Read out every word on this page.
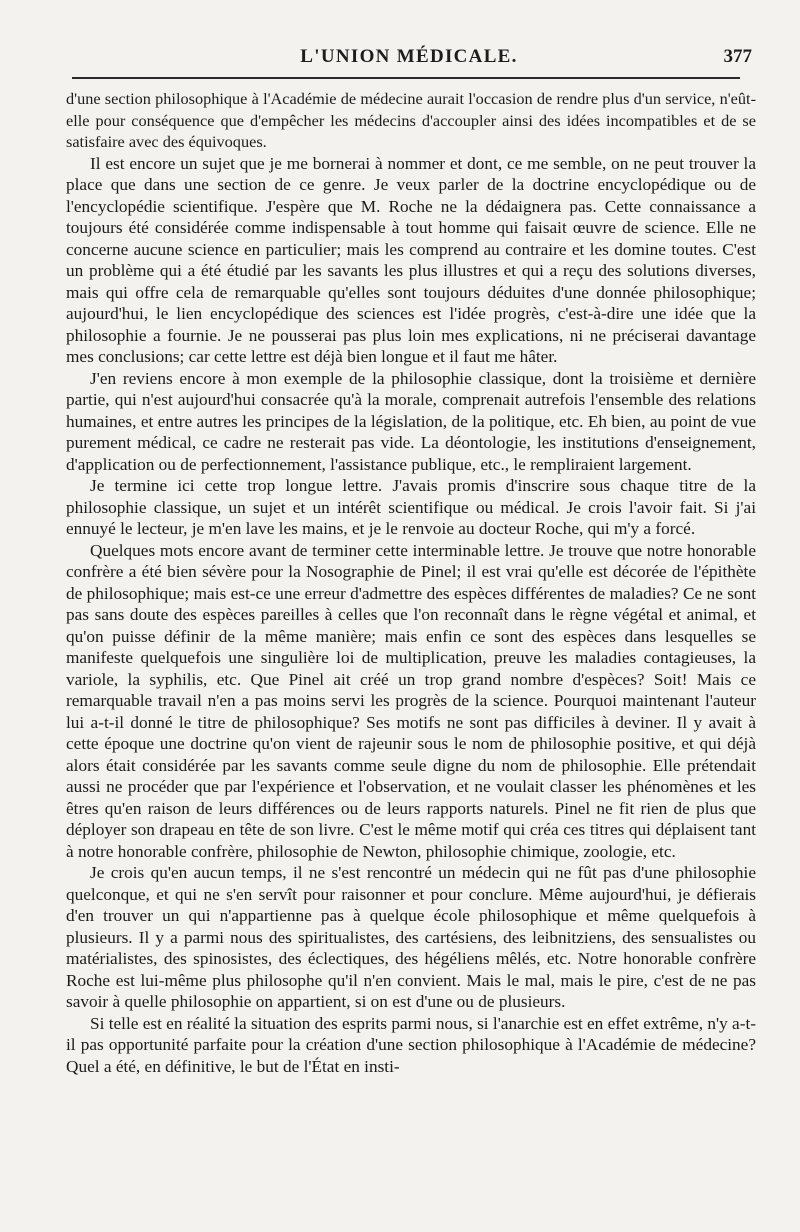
L'UNION MÉDICALE.	377

d'une section philosophique à l'Académie de médecine aurait l'occasion de rendre plus d'un service, n'eût-elle pour conséquence que d'empêcher les médecins d'accoupler ainsi des idées incompatibles et de se satisfaire avec des équivoques.

Il est encore un sujet que je me bornerai à nommer et dont, ce me semble, on ne peut trouver la place que dans une section de ce genre. Je veux parler de la doctrine encyclopédique ou de l'encyclopédie scientifique. J'espère que M. Roche ne la dédaignera pas. Cette connaissance a toujours été considérée comme indispensable à tout homme qui faisait œuvre de science. Elle ne concerne aucune science en particulier; mais les comprend au contraire et les domine toutes. C'est un problème qui a été étudié par les savants les plus illustres et qui a reçu des solutions diverses, mais qui offre cela de remarquable qu'elles sont toujours déduites d'une donnée philosophique; aujourd'hui, le lien encyclopédique des sciences est l'idée progrès, c'est-à-dire une idée que la philosophie a fournie. Je ne pousserai pas plus loin mes explications, ni ne préciserai davantage mes conclusions; car cette lettre est déjà bien longue et il faut me hâter.

J'en reviens encore à mon exemple de la philosophie classique, dont la troisième et dernière partie, qui n'est aujourd'hui consacrée qu'à la morale, comprenait autrefois l'ensemble des relations humaines, et entre autres les principes de la législation, de la politique, etc. Eh bien, au point de vue purement médical, ce cadre ne resterait pas vide. La déontologie, les institutions d'enseignement, d'application ou de perfectionnement, l'assistance publique, etc., le rempliraient largement.

Je termine ici cette trop longue lettre. J'avais promis d'inscrire sous chaque titre de la philosophie classique, un sujet et un intérêt scientifique ou médical. Je crois l'avoir fait. Si j'ai ennuyé le lecteur, je m'en lave les mains, et je le renvoie au docteur Roche, qui m'y a forcé.

Quelques mots encore avant de terminer cette interminable lettre. Je trouve que notre honorable confrère a été bien sévère pour la Nosographie de Pinel; il est vrai qu'elle est décorée de l'épithète de philosophique; mais est-ce une erreur d'admettre des espèces différentes de maladies? Ce ne sont pas sans doute des espèces pareilles à celles que l'on reconnaît dans le règne végétal et animal, et qu'on puisse définir de la même manière; mais enfin ce sont des espèces dans lesquelles se manifeste quelquefois une singulière loi de multiplication, preuve les maladies contagieuses, la variole, la syphilis, etc. Que Pinel ait créé un trop grand nombre d'espèces? Soit! Mais ce remarquable travail n'en a pas moins servi les progrès de la science. Pourquoi maintenant l'auteur lui a-t-il donné le titre de philosophique? Ses motifs ne sont pas difficiles à deviner. Il y avait à cette époque une doctrine qu'on vient de rajeunir sous le nom de philosophie positive, et qui déjà alors était considérée par les savants comme seule digne du nom de philosophie. Elle prétendait aussi ne procéder que par l'expérience et l'observation, et ne voulait classer les phénomènes et les êtres qu'en raison de leurs différences ou de leurs rapports naturels. Pinel ne fit rien de plus que déployer son drapeau en tête de son livre. C'est le même motif qui créa ces titres qui déplaisent tant à notre honorable confrère, philosophie de Newton, philosophie chimique, zoologie, etc.

Je crois qu'en aucun temps, il ne s'est rencontré un médecin qui ne fût pas d'une philosophie quelconque, et qui ne s'en servît pour raisonner et pour conclure. Même aujourd'hui, je défierais d'en trouver un qui n'appartienne pas à quelque école philosophique et même quelquefois à plusieurs. Il y a parmi nous des spiritualistes, des cartésiens, des leibnitziens, des sensualistes ou matérialistes, des spinosistes, des éclectiques, des hégéliens mêlés, etc. Notre honorable confrère Roche est lui-même plus philosophe qu'il n'en convient. Mais le mal, mais le pire, c'est de ne pas savoir à quelle philosophie on appartient, si on est d'une ou de plusieurs.

Si telle est en réalité la situation des esprits parmi nous, si l'anarchie est en effet extrême, n'y a-t-il pas opportunité parfaite pour la création d'une section philosophique à l'Académie de médecine? Quel a été, en définitive, le but de l'État en insti-
